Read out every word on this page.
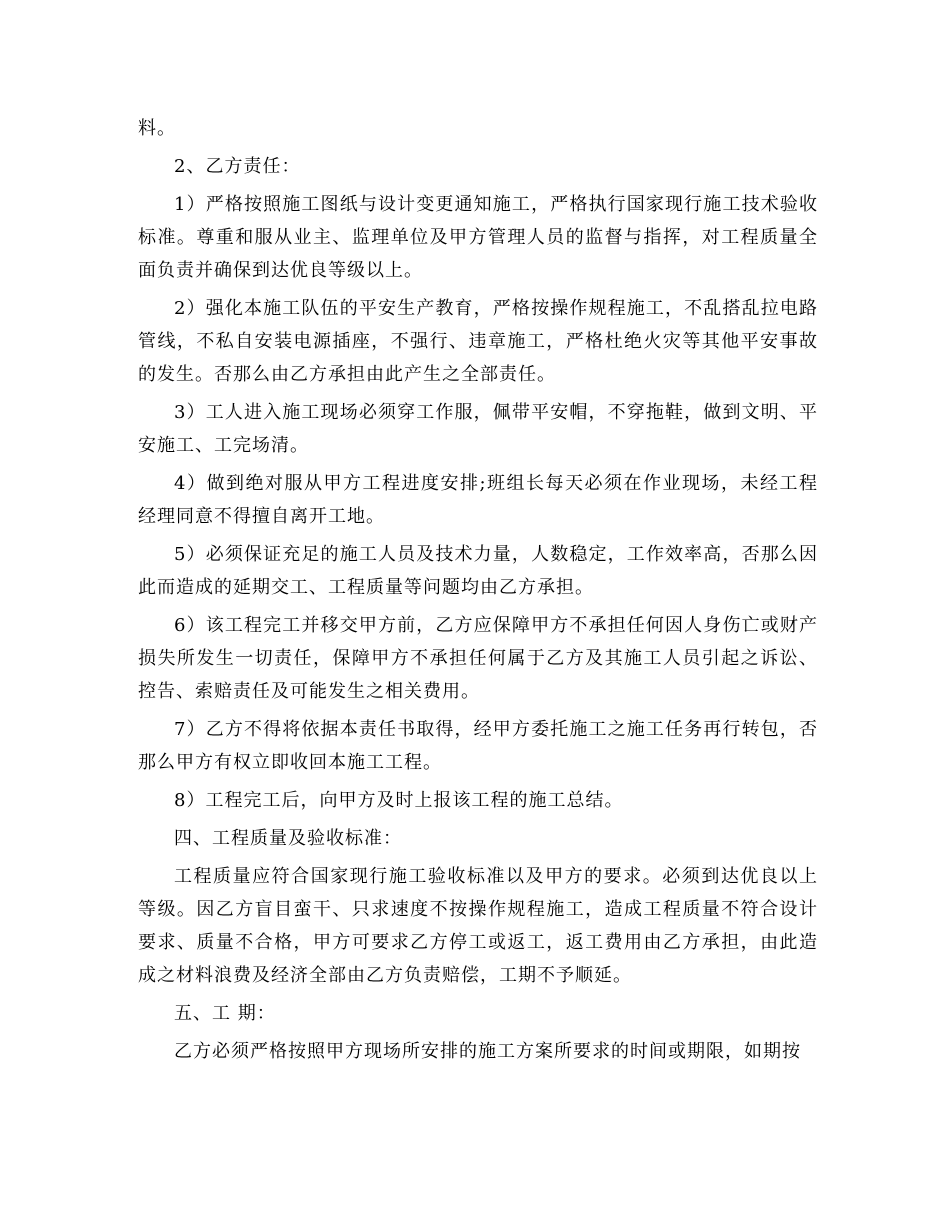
料。

2、乙方责任：

1）严格按照施工图纸与设计变更通知施工，严格执行国家现行施工技术验收标准。尊重和服从业主、监理单位及甲方管理人员的监督与指挥，对工程质量全面负责并确保到达优良等级以上。

2）强化本施工队伍的平安生产教育，严格按操作规程施工，不乱搭乱拉电路管线，不私自安装电源插座，不强行、违章施工，严格杜绝火灾等其他平安事故的发生。否那么由乙方承担由此产生之全部责任。

3）工人进入施工现场必须穿工作服，佩带平安帽，不穿拖鞋，做到文明、平安施工、工完场清。

4）做到绝对服从甲方工程进度安排;班组长每天必须在作业现场，未经工程经理同意不得擅自离开工地。

5）必须保证充足的施工人员及技术力量，人数稳定，工作效率高，否那么因此而造成的延期交工、工程质量等问题均由乙方承担。

6）该工程完工并移交甲方前，乙方应保障甲方不承担任何因人身伤亡或财产损失所发生一切责任，保障甲方不承担任何属于乙方及其施工人员引起之诉讼、控告、索赔责任及可能发生之相关费用。

7）乙方不得将依据本责任书取得，经甲方委托施工之施工任务再行转包，否那么甲方有权立即收回本施工工程。

8）工程完工后，向甲方及时上报该工程的施工总结。

四、工程质量及验收标准：

工程质量应符合国家现行施工验收标准以及甲方的要求。必须到达优良以上等级。因乙方盲目蛮干、只求速度不按操作规程施工，造成工程质量不符合设计要求、质量不合格，甲方可要求乙方停工或返工，返工费用由乙方承担，由此造成之材料浪费及经济全部由乙方负责赔偿，工期不予顺延。

五、工 期：

乙方必须严格按照甲方现场所安排的施工方案所要求的时间或期限，如期按
